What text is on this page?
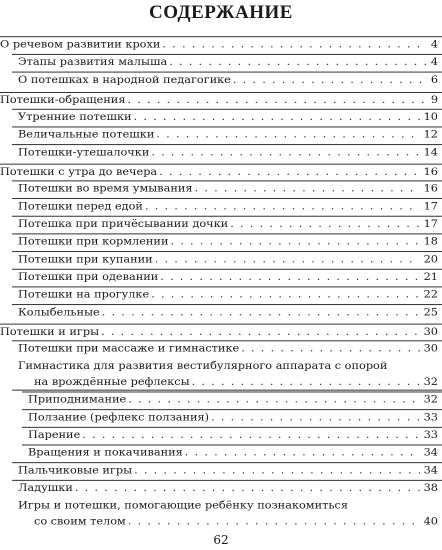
СОДЕРЖАНИЕ
О речевом развитии крохи . . .	4
Этапы развития малыша . . .	4
О потешках в народной педагогике . . .	6
Потешки-обращения . . .	9
Утренние потешки . . .	10
Величальные потешки . . .	12
Потешки-утешалочки . . .	14
Потешки с утра до вечера . . .	16
Потешки во время умывания . . .	16
Потешки перед едой . . .	17
Потешка при причёсывании дочки . . .	17
Потешки при кормлении . . .	18
Потешки при купании . . .	20
Потешки при одевании . . .	21
Потешки на прогулке . . .	22
Колыбельные . . .	25
Потешки и игры . . .	30
Потешки при массаже и гимнастике . . .	30
Гимнастика для развития вестибулярного аппарата с опорой
на врождённые рефлексы . . .	32
Приподнимание . . .	32
Ползание (рефлекс ползания) . . .	33
Парение . . .	33
Вращения и покачивания . . .	34
Пальчиковые игры . . .	34
Ладушки . . .	38
Игры и потешки, помогающие ребёнку познакомиться
со своим телом . . .	40
62
